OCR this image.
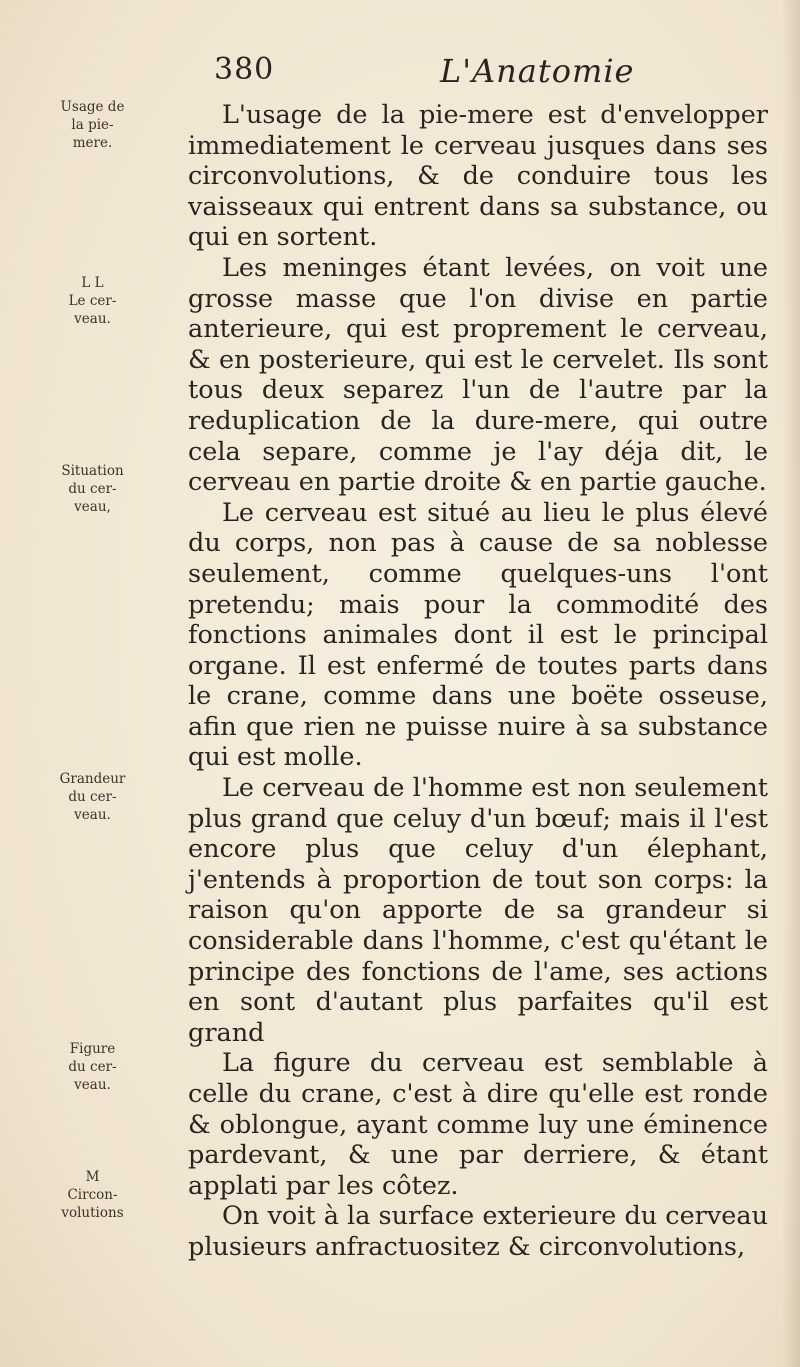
380	L'Anatomie
Usage de
la pie-
mere.
L L
Le cer-
veau.
Situation
du cer-
veau,
Grandeur
du cer-
veau.
Figure
du cer-
veau.
M
Circon-
volutions

L'usage de la pie-mere est d'envelopper immediatement le cerveau jusques dans ses circonvolutions, & de conduire tous les vaisseaux qui entrent dans sa substance, ou qui en sortent.

Les meninges étant levées, on voit une grosse masse que l'on divise en partie anterieure, qui est proprement le cerveau, & en posterieure, qui est le cervelet. Ils sont tous deux separez l'un de l'autre par la reduplication de la dure-mere, qui outre cela separe, comme je l'ay déja dit, le cerveau en partie droite & en partie gauche.

Le cerveau est situé au lieu le plus élevé du corps, non pas à cause de sa noblesse seulement, comme quelques-uns l'ont pretendu; mais pour la commodité des fonctions animales dont il est le principal organe. Il est enfermé de toutes parts dans le crane, comme dans une boëte osseuse, afin que rien ne puisse nuire à sa substance qui est molle.

Le cerveau de l'homme est non seulement plus grand que celuy d'un bœuf; mais il l'est encore plus que celuy d'un élephant, j'entends à proportion de tout son corps: la raison qu'on apporte de sa grandeur si considerable dans l'homme, c'est qu'étant le principe des fonctions de l'ame, ses actions en sont d'autant plus parfaites qu'il est grand

La figure du cerveau est semblable à celle du crane, c'est à dire qu'elle est ronde & oblongue, ayant comme luy une éminence pardevant, & une par derriere, & étant applati par les côtez.

On voit à la surface exterieure du cerveau plusieurs anfractuositez & circonvolutions,
